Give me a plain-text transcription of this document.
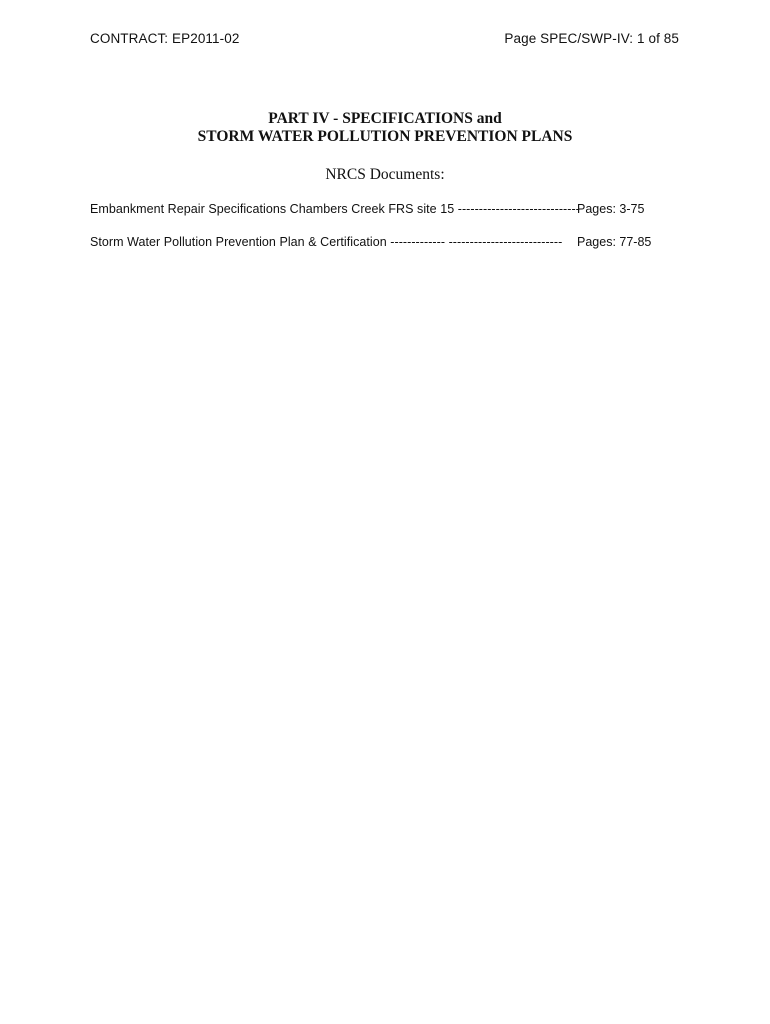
CONTRACT: EP2011-02	Page SPEC/SWP-IV: 1 of 85
PART IV - SPECIFICATIONS and
STORM WATER POLLUTION PREVENTION PLANS
NRCS Documents:
Embankment Repair Specifications Chambers Creek FRS site 15 -----------------------------
Pages: 3-75
Storm Water Pollution Prevention Plan & Certification ------------- --------------------------- Pages: 77-85
